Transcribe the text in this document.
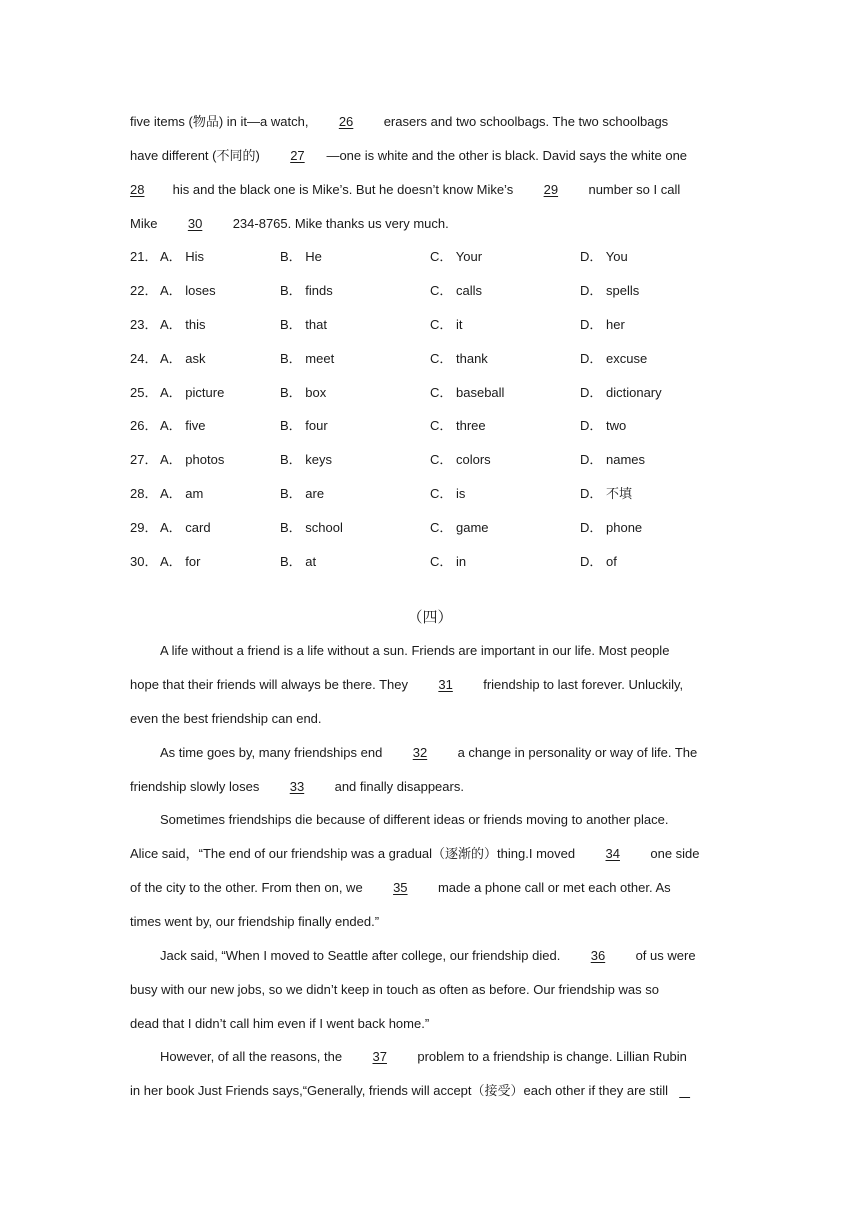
five items (物品) in it—a watch, 26 erasers and two schoolbags. The two schoolbags
have different (不同的) 27 —one is white and the other is black. David says the white one
28 his and the black one is Mike’s. But he doesn’t know Mike’s 29 number so I call
Mike 30 234-8765. Mike thanks us very much.
21． A． His	B． He	C． Your	D． You
22． A． loses	B． finds	C． calls	D． spells
23． A． this	B． that	C． it	D． her
24． A． ask	B． meet	C． thank	D． excuse
25． A． picture	B． box	C． baseball	D． dictionary
26． A． five	B． four	C． three	D． two
27． A． photos	B． keys	C． colors	D． names
28． A． am	B． are	C． is	D． 不填
29． A． card	B． school	C． game	D． phone
30． A． for	B． at	C． in	D． of
（四）
A life without a friend is a life without a sun. Friends are important in our life. Most people
hope that their friends will always be there. They 31 friendship to last forever. Unluckily,
even the best friendship can end.
As time goes by, many friendships end 32 a change in personality or way of life. The
friendship slowly loses 33 and finally disappears.
Sometimes friendships die because of different ideas or friends moving to another place.
Alice said，“The end of our friendship was a gradual（逐渐的）thing.I moved 34 one side
of the city to the other. From then on, we 35 made a phone call or met each other. As
times went by, our friendship finally ended.”
Jack said, “When I moved to Seattle after college, our friendship died. 36 of us were
busy with our new jobs, so we didn’t keep in touch as often as before. Our friendship was so
dead that I didn’t call him even if I went back home.”
However, of all the reasons, the 37 problem to a friendship is change. Lillian Rubin
in her book Just Friends says,“Generally, friends will accept（接受）each other if they are still
